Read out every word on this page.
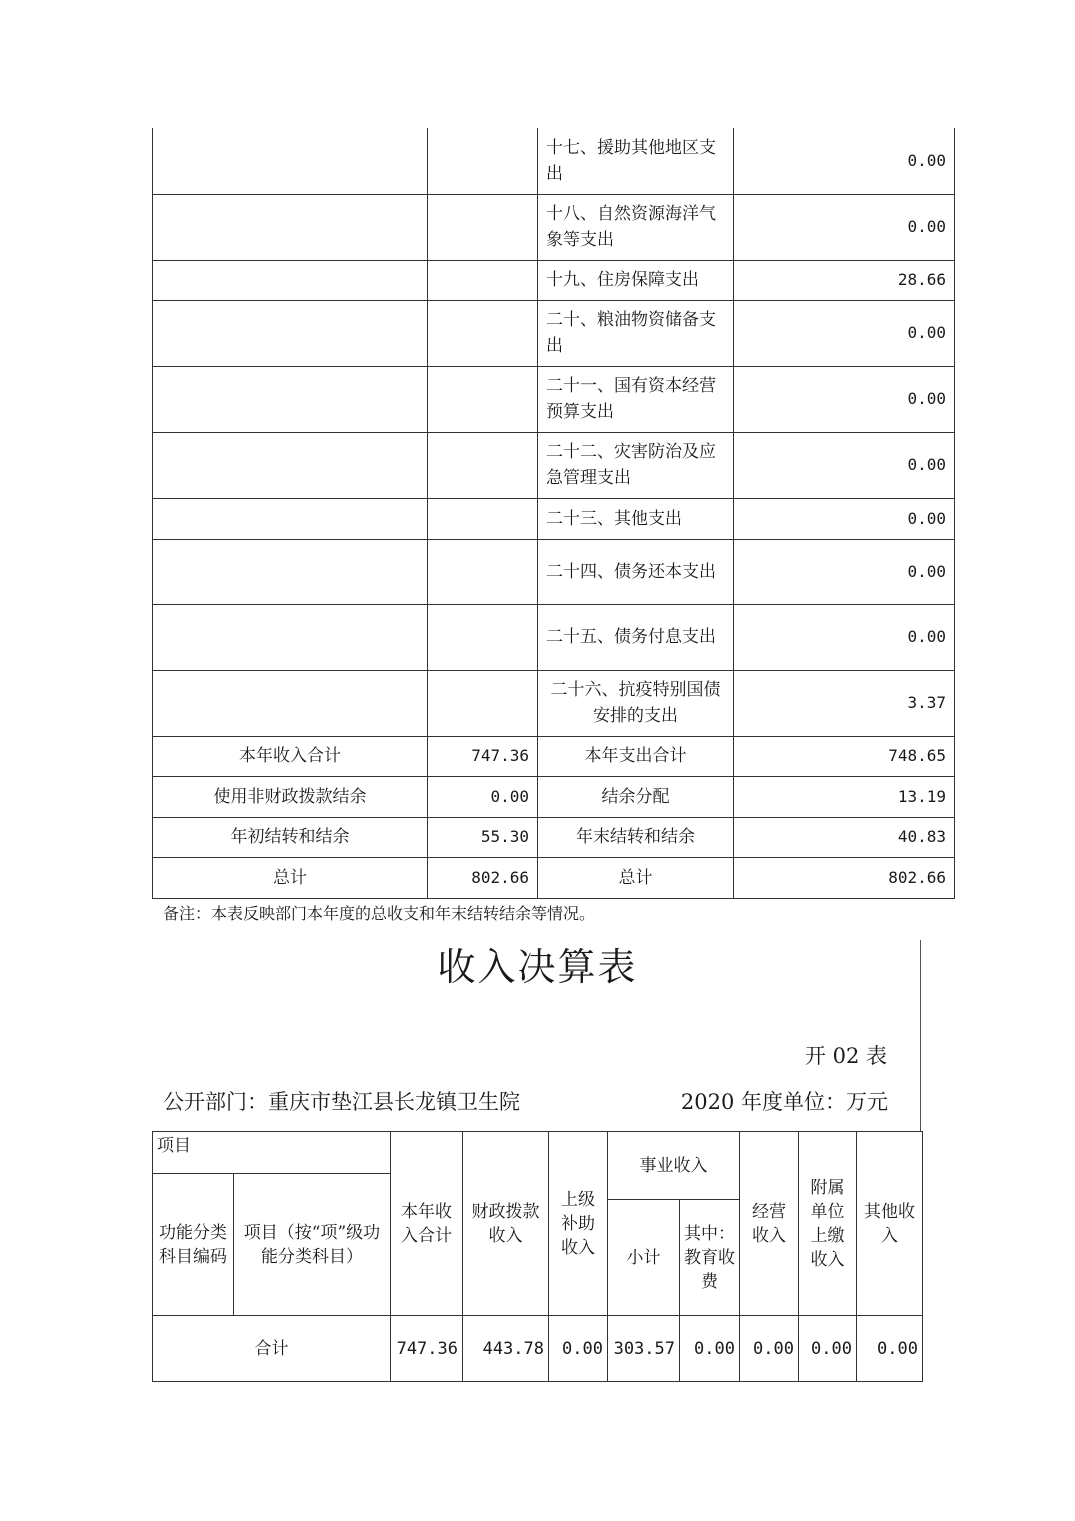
		十七、援助其他地区支出	0.00
		十八、自然资源海洋气象等支出	0.00
		十九、住房保障支出	28.66
		二十、粮油物资储备支出	0.00
		二十一、国有资本经营预算支出	0.00
		二十二、灾害防治及应急管理支出	0.00
		二十三、其他支出	0.00
		二十四、债务还本支出	0.00
		二十五、债务付息支出	0.00
		二十六、抗疫特别国债安排的支出	3.37
本年收入合计	747.36	本年支出合计	748.65
使用非财政拨款结余	0.00	结余分配	13.19
年初结转和结余	55.30	年末结转和结余	40.83
总计	802.66	总计	802.66
备注：本表反映部门本年度的总收支和年末结转结余等情况。
收入决算表
开 02 表
公开部门：重庆市垫江县长龙镇卫生院	2020 年度单位：万元
项目		本年收入合计	财政拨款收入	上级补助收入	事业收入		经营收入	附属单位上缴收入	其他收入
功能分类科目编码	项目（按“项”级功能分类科目）								
					小计	其中：教育收费			
合计		747.36	443.78	0.00	303.57	0.00	0.00	0.00	0.00
